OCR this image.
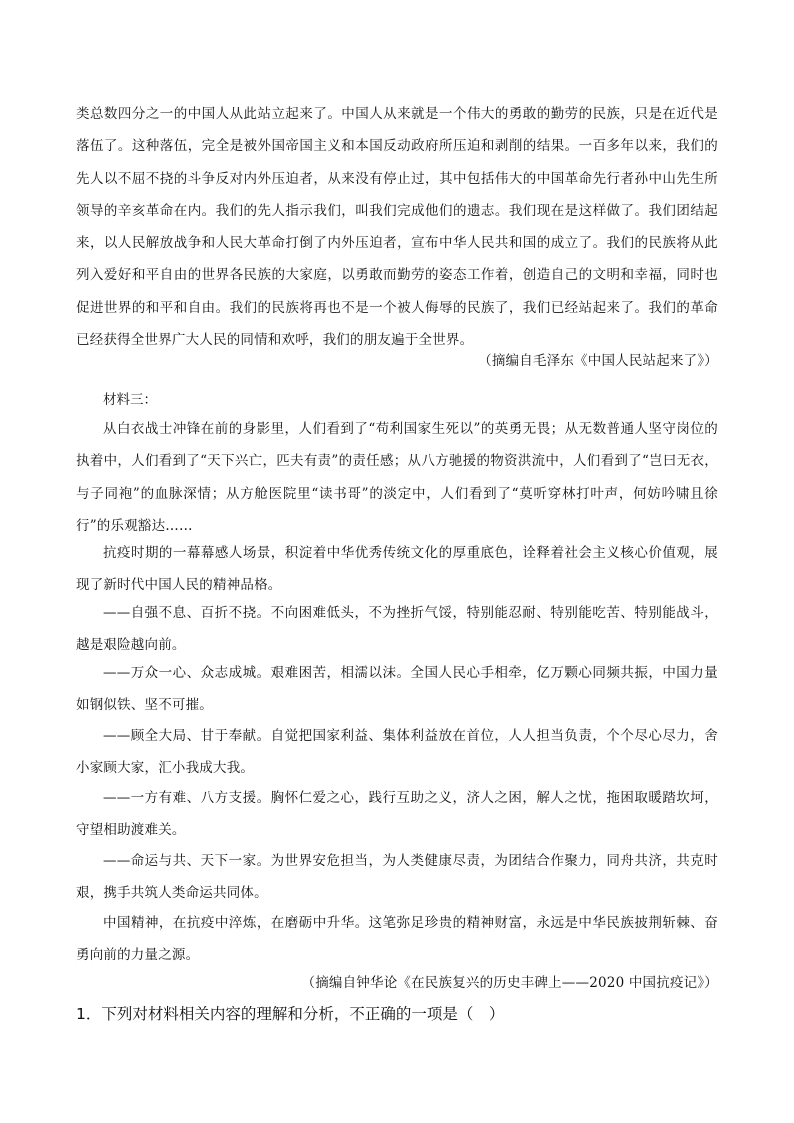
类总数四分之一的中国人从此站立起来了。中国人从来就是一个伟大的勇敢的勤劳的民族，只是在近代是落伍了。这种落伍，完全是被外国帝国主义和本国反动政府所压迫和剥削的结果。一百多年以来，我们的先人以不屈不挠的斗争反对内外压迫者，从来没有停止过，其中包括伟大的中国革命先行者孙中山先生所领导的辛亥革命在内。我们的先人指示我们，叫我们完成他们的遗志。我们现在是这样做了。我们团结起来，以人民解放战争和人民大革命打倒了内外压迫者，宣布中华人民共和国的成立了。我们的民族将从此列入爱好和平自由的世界各民族的大家庭，以勇敢而勤劳的姿态工作着，创造自己的文明和幸福，同时也促进世界的和平和自由。我们的民族将再也不是一个被人侮辱的民族了，我们已经站起来了。我们的革命已经获得全世界广大人民的同情和欢呼，我们的朋友遍于全世界。

（摘编自毛泽东《中国人民站起来了》）

材料三：

从白衣战士冲锋在前的身影里，人们看到了“苟利国家生死以”的英勇无畏；从无数普通人坚守岗位的执着中，人们看到了“天下兴亡，匹夫有责”的责任感；从八方驰援的物资洪流中，人们看到了“岂曰无衣，与子同袍”的血脉深情；从方舱医院里“读书哥”的淡定中，人们看到了“莫听穿林打叶声，何妨吟啸且徐行”的乐观豁达……

抗疫时期的一幕幕感人场景，积淀着中华优秀传统文化的厚重底色，诠释着社会主义核心价值观，展现了新时代中国人民的精神品格。

——自强不息、百折不挠。不向困难低头，不为挫折气馁，特别能忍耐、特别能吃苦、特别能战斗，越是艰险越向前。

——万众一心、众志成城。艰难困苦，相濡以沫。全国人民心手相牵，亿万颗心同频共振，中国力量如钢似铁、坚不可摧。

——顾全大局、甘于奉献。自觉把国家利益、集体利益放在首位，人人担当负责，个个尽心尽力，舍小家顾大家，汇小我成大我。

——一方有难、八方支援。胸怀仁爱之心，践行互助之义，济人之困，解人之忧，拖困取暖踏坎坷，守望相助渡难关。

——命运与共、天下一家。为世界安危担当，为人类健康尽责，为团结合作聚力，同舟共济，共克时艰，携手共筑人类命运共同体。

中国精神，在抗疫中淬炼，在磨砺中升华。这笔弥足珍贵的精神财富，永远是中华民族披荆斩棘、奋勇向前的力量之源。

（摘编自钟华论《在民族复兴的历史丰碑上——2020 中国抗疫记》）

1．下列对材料相关内容的理解和分析，不正确的一项是（　）
